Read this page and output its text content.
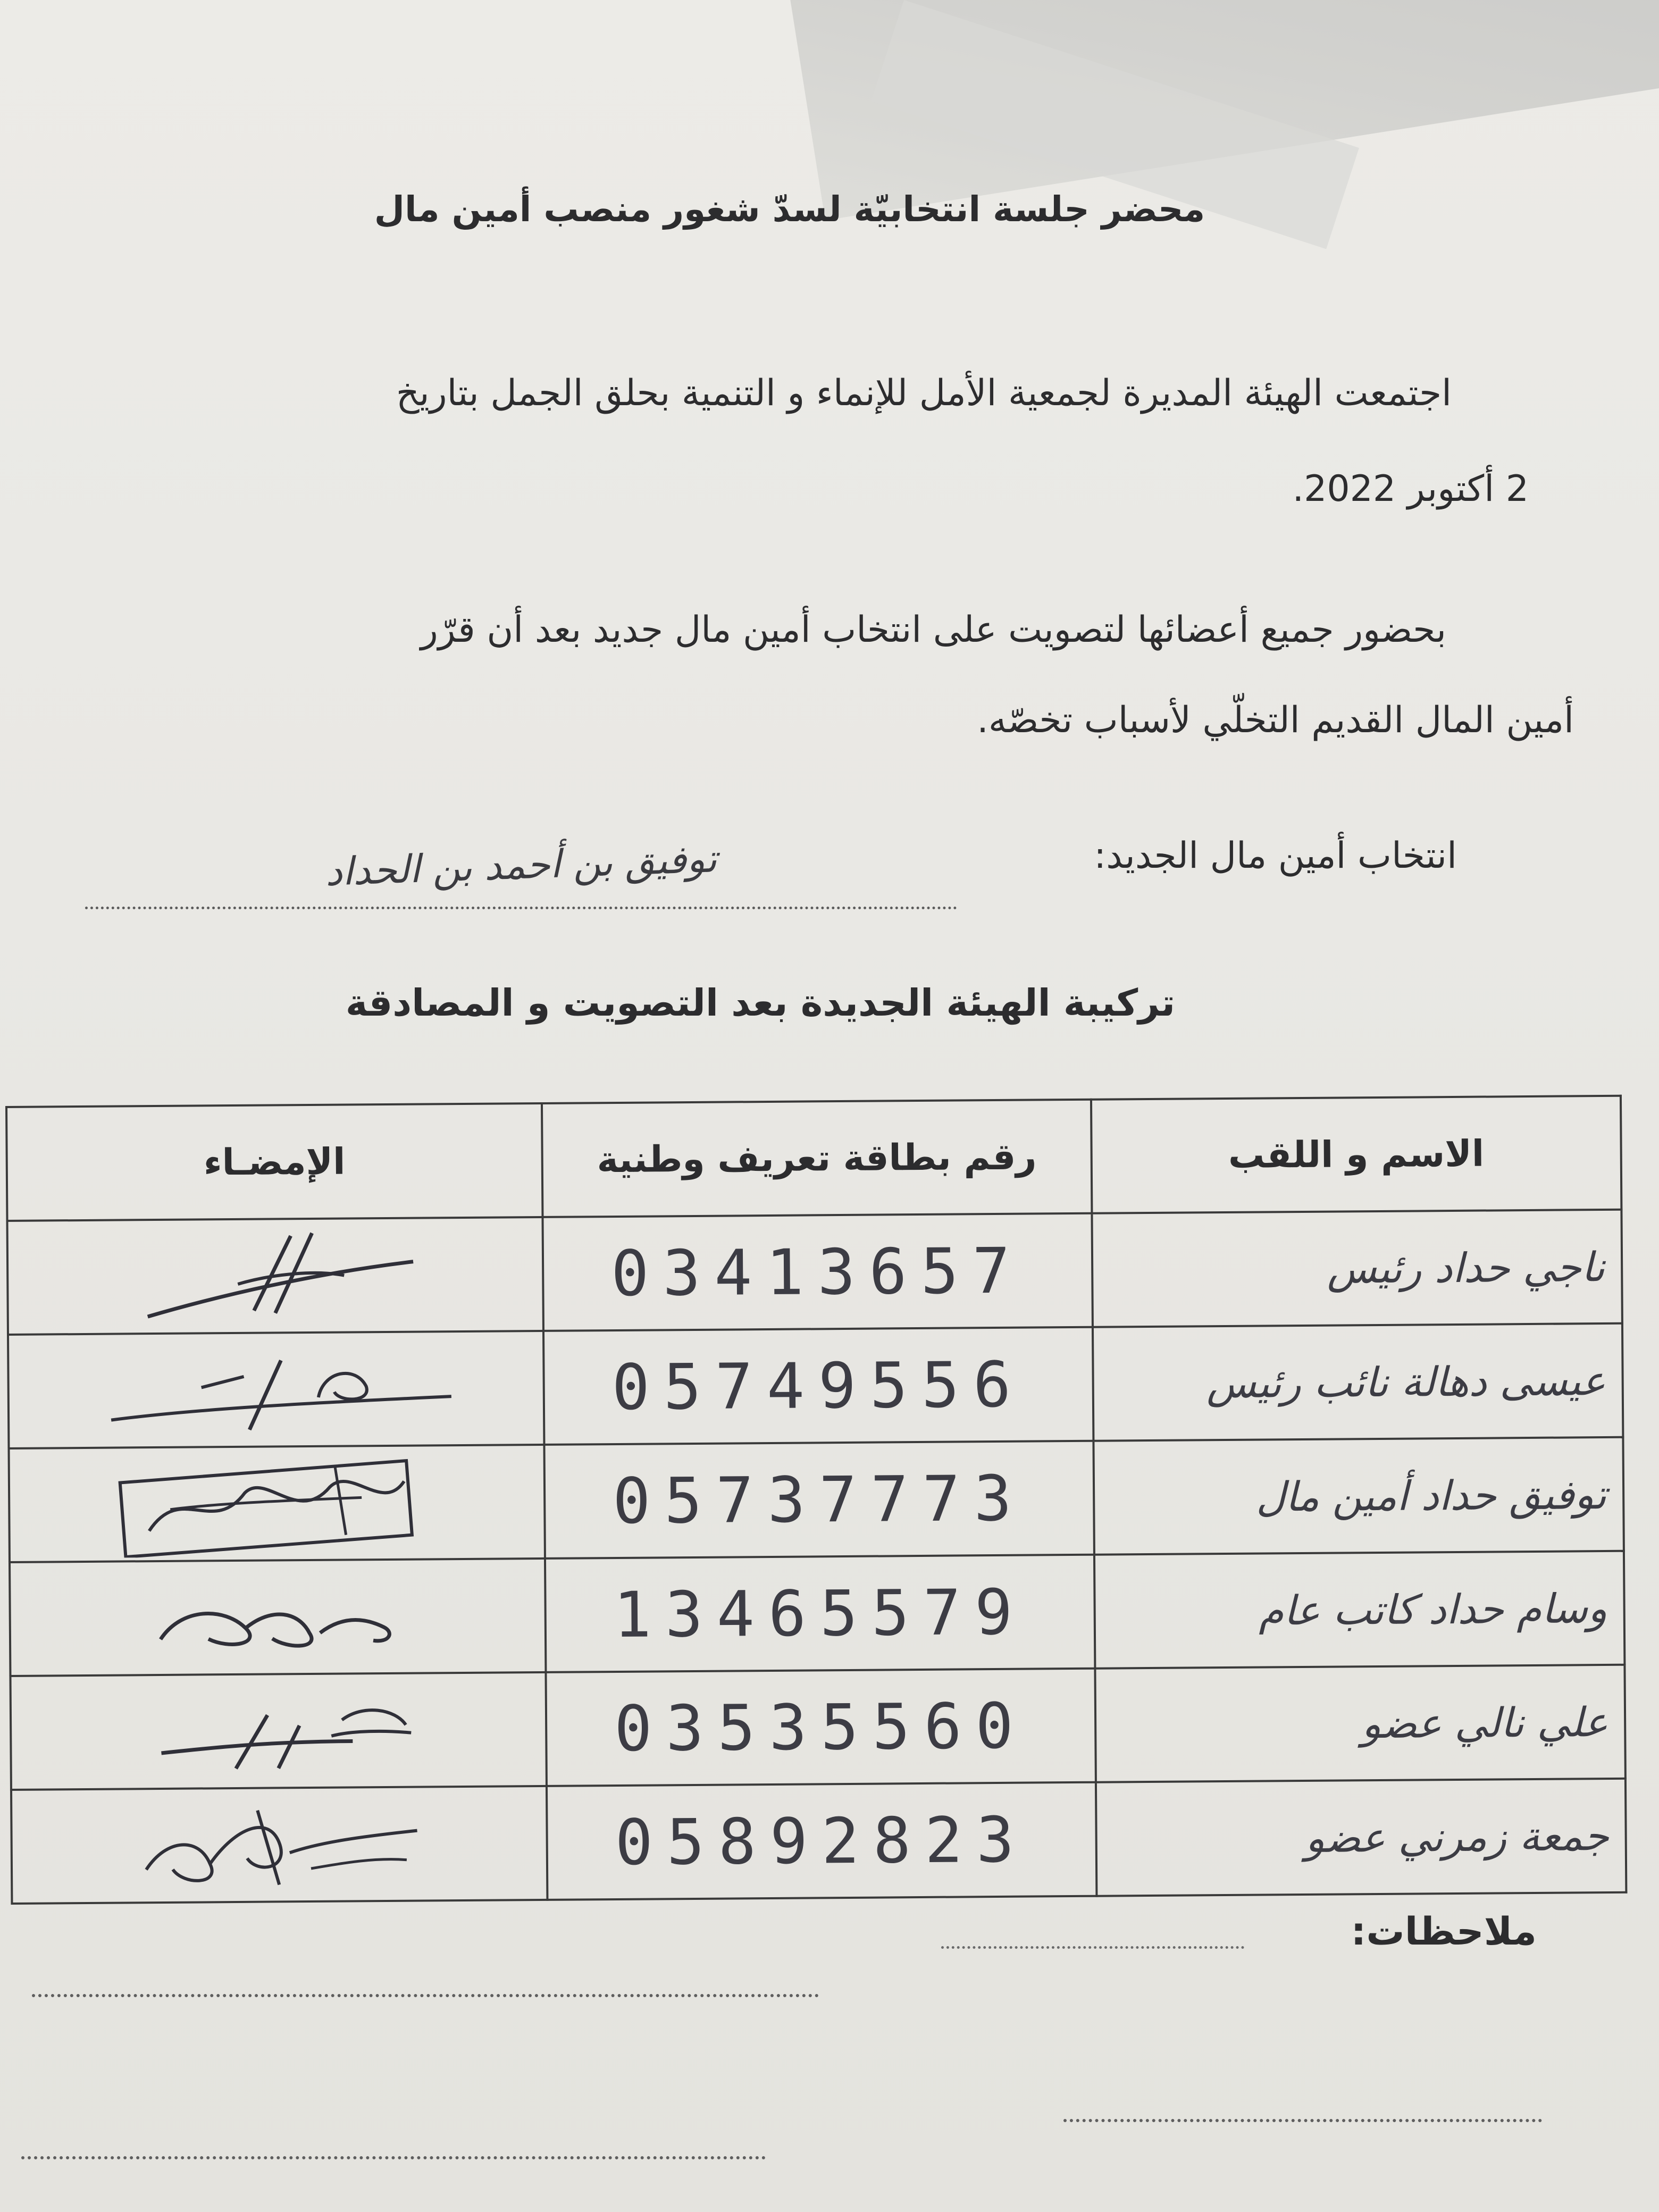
محضر جلسة انتخابيّة لسدّ شغور منصب أمين مال
اجتمعت الهيئة المديرة لجمعية الأمل للإنماء و التنمية بحلق الجمل بتاريخ
2 أكتوبر 2022.
بحضور جميع أعضائها لتصويت على انتخاب أمين مال جديد بعد أن قرّر
أمين المال القديم التخلّي لأسباب تخصّه.
انتخاب أمين مال الجديد:
توفيق بن أحمد بن الحداد
تركيبة الهيئة الجديدة بعد التصويت و المصادقة
الإمضـاء	رقم بطاقة تعريف وطنية	الاسم و اللقب

	03413657	ناجي حداد رئيس

	05749556	عيسى دهالة نائب رئيس

	05737773	توفيق حداد أمين مال

	13465579	وسام حداد كاتب عام

	03535560	علي نالي عضو

	05892823	جمعة زمرني عضو
ملاحظات:
